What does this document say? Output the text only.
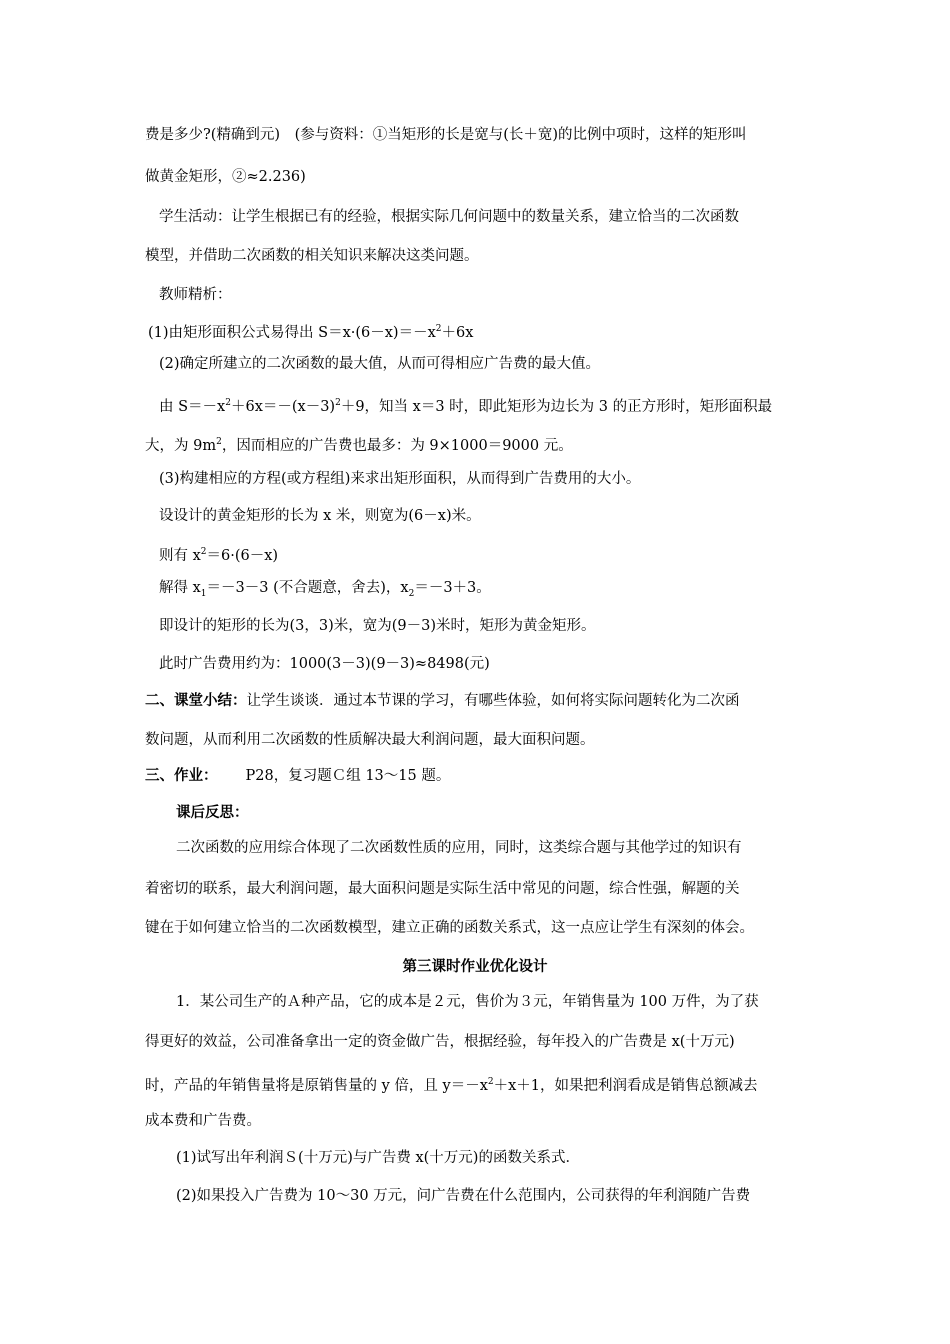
费是多少?(精确到元)　(参与资料：①当矩形的长是宽与(长＋宽)的比例中项时，这样的矩形叫
做黄金矩形，②≈2.236)
学生活动：让学生根据已有的经验，根据实际几何问题中的数量关系，建立恰当的二次函数
模型，并借助二次函数的相关知识来解决这类问题。
教师精析：
(1)由矩形面积公式易得出 $S=x\cdot(6-x)=-x^2+6x$
(2)确定所建立的二次函数的最大值，从而可得相应广告费的最大值。
由 $S=-x^2+6x=-(x-3)^2+9$，知当 x＝3 时，即此矩形为边长为 3 的正方形时，矩形面积最
大，为 $9m^2$，因而相应的广告费也最多：为 9×1000＝9000 元。
(3)构建相应的方程(或方程组)来求出矩形面积，从而得到广告费用的大小。
设设计的黄金矩形的长为 x 米，则宽为(6－x)米。
则有 $x^2=6\cdot(6-x)$
解得 $x_1=-3-3$ (不合题意，舍去)，$x_2=-3+3$。
即设计的矩形的长为(3，3)米，宽为(9－3)米时，矩形为黄金矩形。
此时广告费用约为：1000(3－3)(9－3)≈8498(元)
二、课堂小结：让学生谈谈．通过本节课的学习，有哪些体验，如何将实际问题转化为二次函
数问题，从而利用二次函数的性质解决最大利润问题，最大面积问题。
三、作业： P28，复习题Ｃ组 13～15 题。
课后反思：
二次函数的应用综合体现了二次函数性质的应用，同时，这类综合题与其他学过的知识有
着密切的联系，最大利润问题，最大面积问题是实际生活中常见的问题，综合性强，解题的关
键在于如何建立恰当的二次函数模型，建立正确的函数关系式，这一点应让学生有深刻的体会。
第三课时作业优化设计
1．某公司生产的Ａ种产品，它的成本是２元，售价为３元，年销售量为 100 万件，为了获
得更好的效益，公司准备拿出一定的资金做广告，根据经验，每年投入的广告费是 x(十万元)
时，产品的年销售量将是原销售量的 y 倍，且 $y=-x^2+x+1$，如果把利润看成是销售总额减去
成本费和广告费。
(1)试写出年利润Ｓ(十万元)与广告费 x(十万元)的函数关系式．
(2)如果投入广告费为 10～30 万元，问广告费在什么范围内，公司获得的年利润随广告费
